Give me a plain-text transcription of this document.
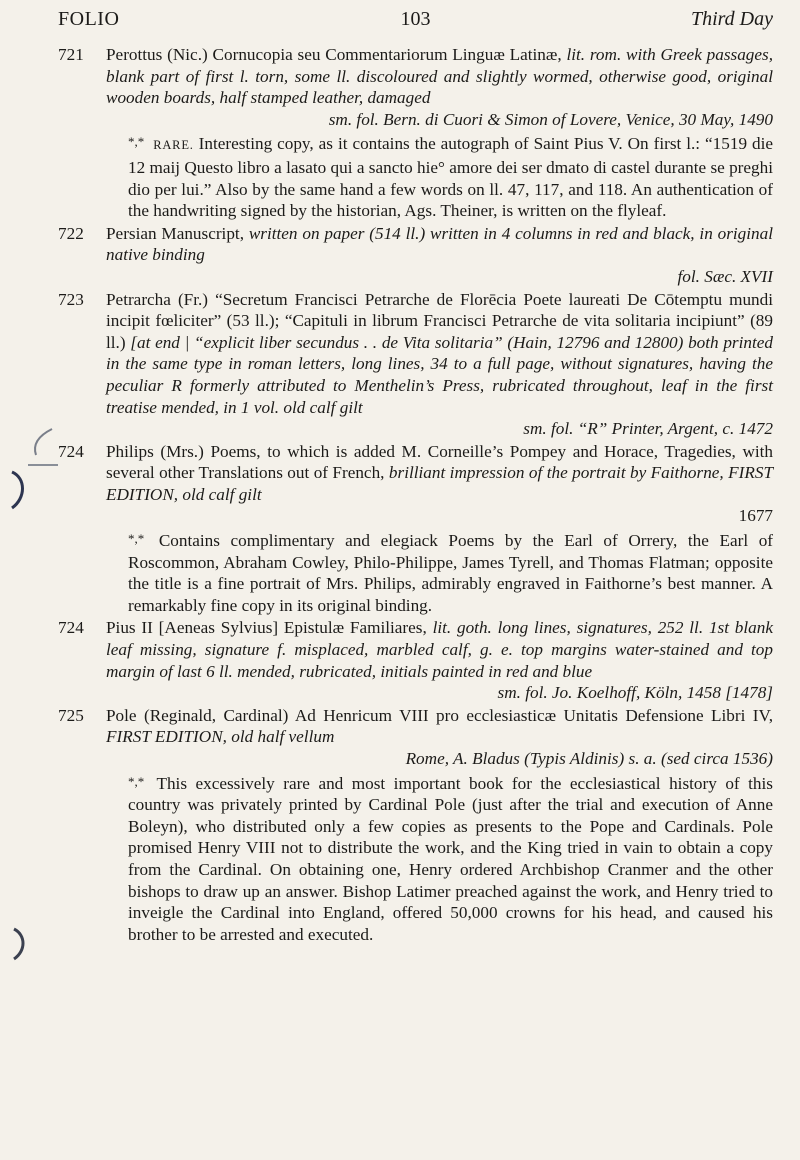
FOLIO	103	Third Day
721 Perottus (Nic.) Cornucopia seu Commentariorum Linguæ Latinæ, lit. rom. with Greek passages, blank part of first l. torn, some ll. discoloured and slightly wormed, otherwise good, original wooden boards, half stamped leather, damaged
sm. fol. Bern. di Cuori & Simon of Lovere, Venice, 30 May, 1490
*,* RARE. Interesting copy, as it contains the autograph of Saint Pius V. On first l.: “1519 die 12 maij Questo libro a lasato qui a sancto hie° amore dei ser dmato di castel durante se preghi dio per lui.” Also by the same hand a few words on ll. 47, 117, and 118. An authentication of the handwriting signed by the historian, Ags. Theiner, is written on the flyleaf.
722 Persian Manuscript, written on paper (514 ll.) written in 4 columns in red and black, in original native binding
fol. Sæc. XVII
723 Petrarcha (Fr.) “Secretum Francisci Petrarche de Florēcia Poete laureati De Cōtemptu mundi incipit fœliciter” (53 ll.); “Capituli in librum Francisci Petrarche de vita solitaria incipiunt” (89 ll.) [at end | “explicit liber secundus . . de Vita solitaria” (Hain, 12796 and 12800) both printed in the same type in roman letters, long lines, 34 to a full page, without signatures, having the peculiar R formerly attributed to Menthelin’s Press, rubricated throughout, leaf in the first treatise mended, in 1 vol. old calf gilt
sm. fol. “R” Printer, Argent, c. 1472
724 Philips (Mrs.) Poems, to which is added M. Corneille’s Pompey and Horace, Tragedies, with several other Translations out of French, brilliant impression of the portrait by Faithorne, FIRST EDITION, old calf gilt
1677
*,* Contains complimentary and elegiack Poems by the Earl of Orrery, the Earl of Roscommon, Abraham Cowley, Philo-Philippe, James Tyrell, and Thomas Flatman; opposite the title is a fine portrait of Mrs. Philips, admirably engraved in Faithorne’s best manner. A remarkably fine copy in its original binding.
724 Pius II [Aeneas Sylvius] Epistulæ Familiares, lit. goth. long lines, signatures, 252 ll. 1st blank leaf missing, signature f. misplaced, marbled calf, g. e. top margins water-stained and top margin of last 6 ll. mended, rubricated, initials painted in red and blue
sm. fol. Jo. Koelhoff, Köln, 1458 [1478]
725 Pole (Reginald, Cardinal) Ad Henricum VIII pro ecclesiasticæ Unitatis Defensione Libri IV, FIRST EDITION, old half vellum
Rome, A. Bladus (Typis Aldinis) s. a. (sed circa 1536)
*,* This excessively rare and most important book for the ecclesiastical history of this country was privately printed by Cardinal Pole (just after the trial and execution of Anne Boleyn), who distributed only a few copies as presents to the Pope and Cardinals. Pole promised Henry VIII not to distribute the work, and the King tried in vain to obtain a copy from the Cardinal. On obtaining one, Henry ordered Archbishop Cranmer and the other bishops to draw up an answer. Bishop Latimer preached against the work, and Henry tried to inveigle the Cardinal into England, offered 50,000 crowns for his head, and caused his brother to be arrested and executed.
